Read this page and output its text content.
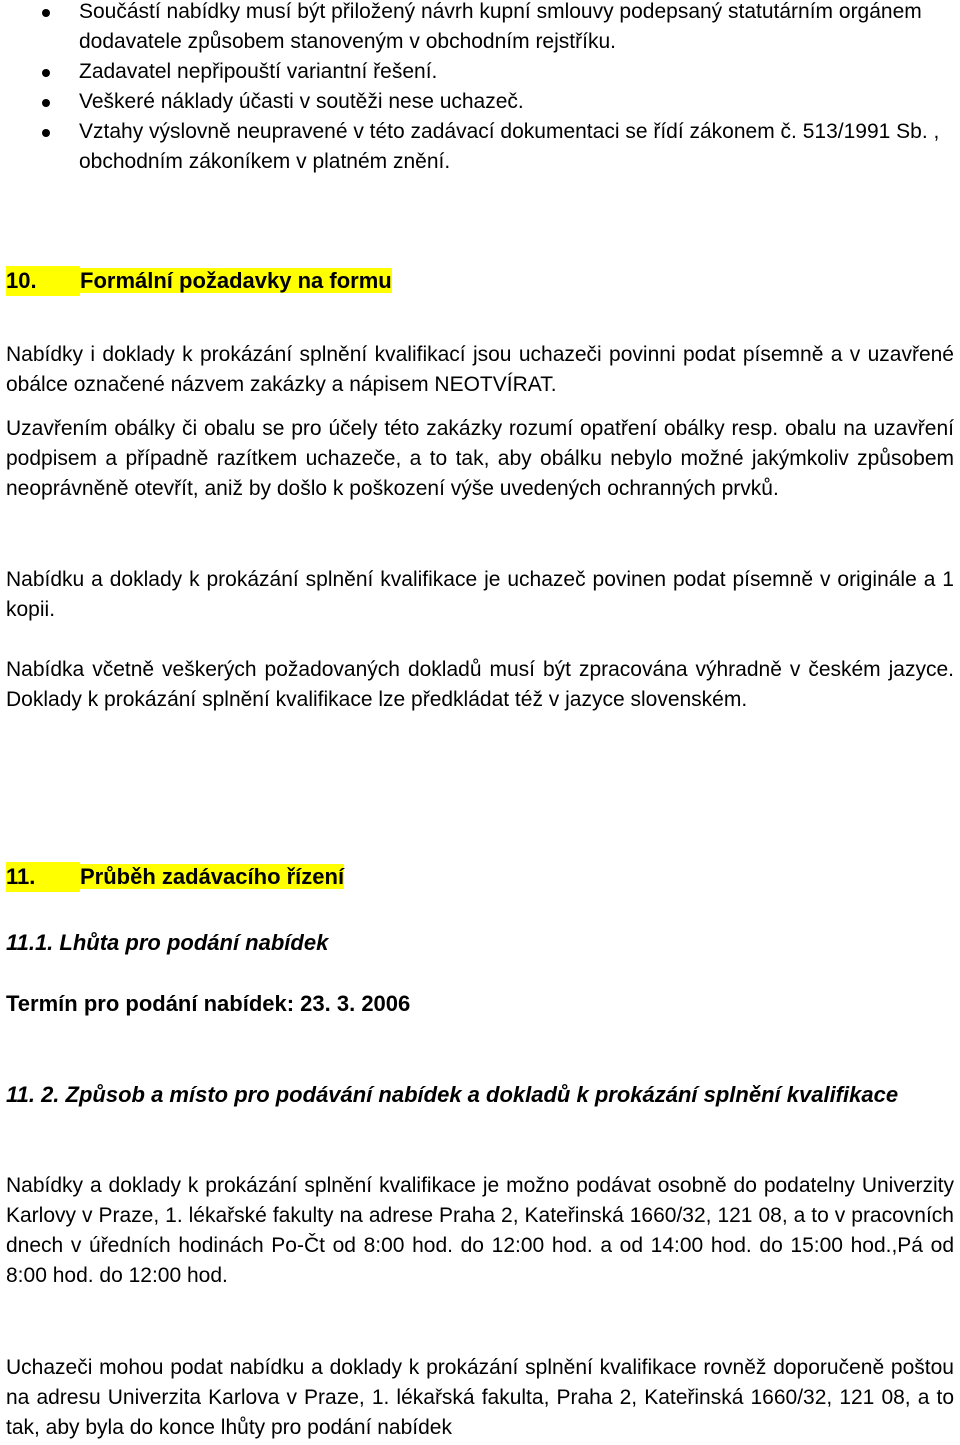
Součástí nabídky musí být přiložený návrh kupní smlouvy podepsaný statutárním orgánem dodavatele způsobem stanoveným v obchodním rejstříku.
Zadavatel nepřipouští variantní řešení.
Veškeré náklady účasti v soutěži nese uchazeč.
Vztahy výslovně neupravené v této zadávací dokumentaci se řídí zákonem č. 513/1991 Sb. , obchodním zákoníkem v platném znění.
10. Formální požadavky na formu

Nabídky i doklady k prokázání splnění kvalifikací jsou uchazeči povinni podat písemně a v uzavřené obálce označené názvem zakázky a nápisem NEOTVÍRAT.

Uzavřením obálky či obalu se pro účely této zakázky rozumí opatření obálky resp. obalu na uzavření podpisem a případně razítkem uchazeče, a to tak, aby obálku nebylo možné jakýmkoliv způsobem neoprávněně otevřít, aniž by došlo k poškození výše uvedených ochranných prvků.

Nabídku a doklady k prokázání splnění kvalifikace je uchazeč povinen podat písemně v originále a 1 kopii.

Nabídka včetně veškerých požadovaných dokladů musí být zpracována výhradně v českém jazyce. Doklady k prokázání splnění kvalifikace lze předkládat též v jazyce slovenském.

11. Průběh zadávacího řízení
11.1. Lhůta pro podání nabídek
Termín pro podání nabídek: 23. 3. 2006
11. 2. Způsob a místo pro podávání nabídek a dokladů k prokázání splnění kvalifikace

Nabídky a doklady k prokázání splnění kvalifikace je možno podávat osobně do podatelny Univerzity Karlovy v Praze, 1. lékařské fakulty na adrese Praha 2, Kateřinská 1660/32, 121 08, a to v pracovních dnech v úředních hodinách Po-Čt od 8:00 hod. do 12:00 hod. a od 14:00 hod. do 15:00 hod.,Pá od 8:00 hod. do 12:00 hod.

Uchazeči mohou podat nabídku a doklady k prokázání splnění kvalifikace rovněž doporučeně poštou na adresu Univerzita Karlova v Praze, 1. lékařská fakulta, Praha 2, Kateřinská 1660/32, 121 08, a to tak, aby byla do konce lhůty pro podání nabídek
